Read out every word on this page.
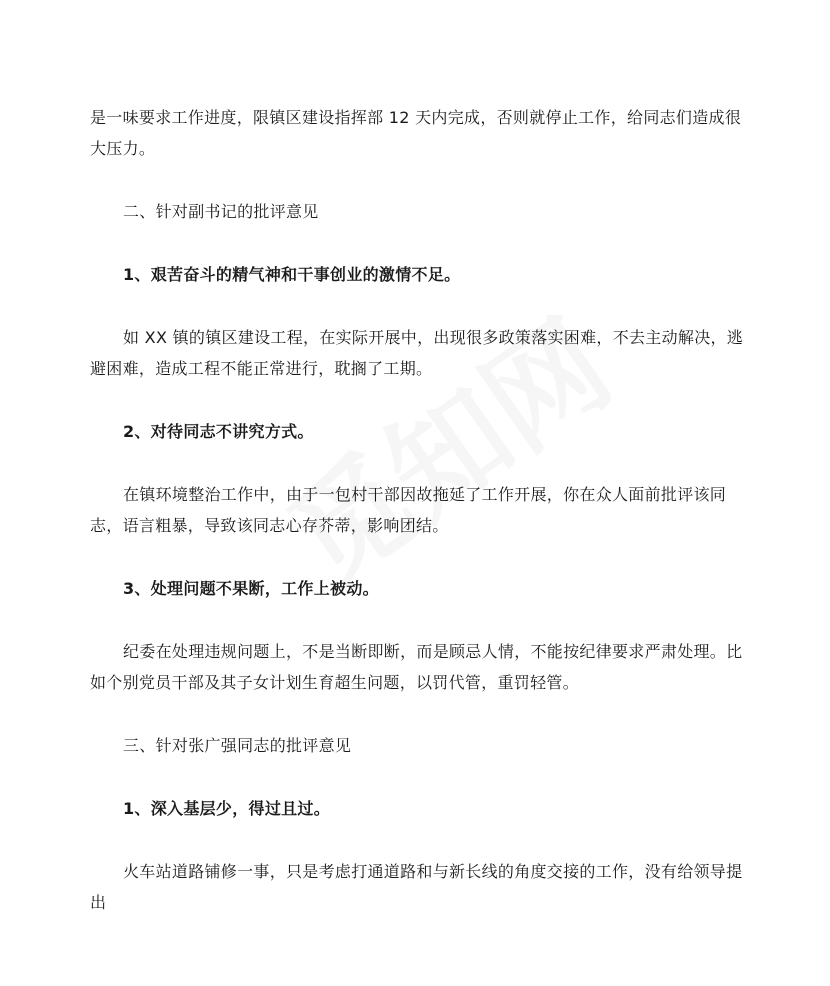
是一味要求工作进度，限镇区建设指挥部 12 天内完成，否则就停止工作，给同志们造成很大压力。

二、针对副书记的批评意见

1、艰苦奋斗的精气神和干事创业的激情不足。

如 XX 镇的镇区建设工程，在实际开展中，出现很多政策落实困难，不去主动解决，逃避困难，造成工程不能正常进行，耽搁了工期。

2、对待同志不讲究方式。

在镇环境整治工作中，由于一包村干部因故拖延了工作开展，你在众人面前批评该同志，语言粗暴，导致该同志心存芥蒂，影响团结。

3、处理问题不果断，工作上被动。

纪委在处理违规问题上，不是当断即断，而是顾忌人情，不能按纪律要求严肃处理。比如个别党员干部及其子女计划生育超生问题，以罚代管，重罚轻管。

三、针对张广强同志的批评意见

1、深入基层少，得过且过。

火车站道路铺修一事，只是考虑打通道路和与新长线的角度交接的工作，没有给领导提出
